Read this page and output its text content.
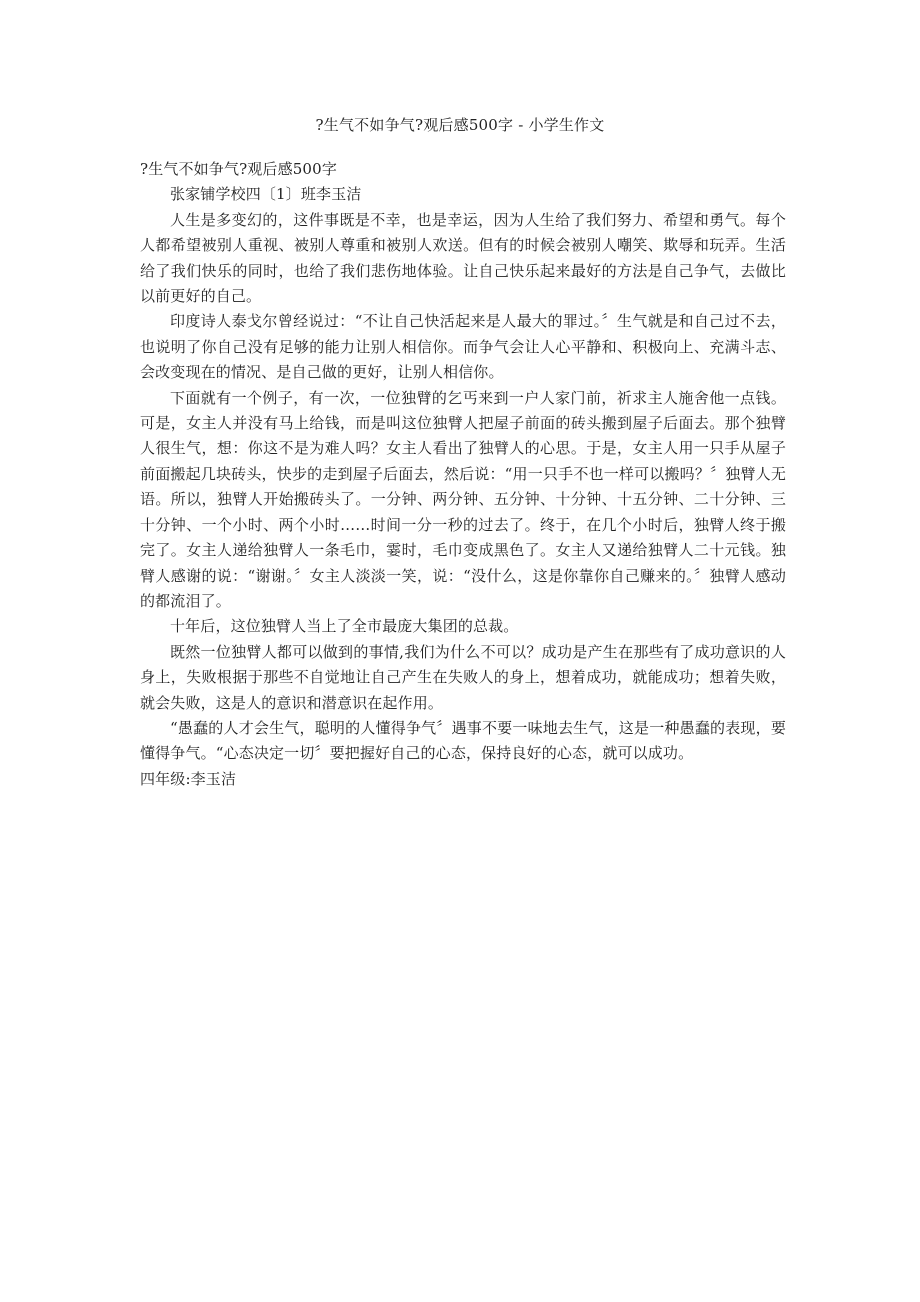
?生气不如争气?观后感500字 - 小学生作文

?生气不如争气?观后感500字

张家铺学校四〔1〕班李玉洁

人生是多变幻的，这件事既是不幸，也是幸运，因为人生给了我们努力、希望和勇气。每个人都希望被别人重视、被别人尊重和被别人欢送。但有的时候会被别人嘲笑、欺辱和玩弄。生活给了我们快乐的同时，也给了我们悲伤地体验。让自己快乐起来最好的方法是自己争气，去做比以前更好的自己。

印度诗人泰戈尔曾经说过：“不让自己快活起来是人最大的罪过。〞生气就是和自己过不去，也说明了你自己没有足够的能力让别人相信你。而争气会让人心平静和、积极向上、充满斗志、会改变现在的情况、是自己做的更好，让别人相信你。

下面就有一个例子，有一次，一位独臂的乞丐来到一户人家门前，祈求主人施舍他一点钱。可是，女主人并没有马上给钱，而是叫这位独臂人把屋子前面的砖头搬到屋子后面去。那个独臂人很生气，想：你这不是为难人吗？女主人看出了独臂人的心思。于是，女主人用一只手从屋子前面搬起几块砖头，快步的走到屋子后面去，然后说：“用一只手不也一样可以搬吗？〞独臂人无语。所以，独臂人开始搬砖头了。一分钟、两分钟、五分钟、十分钟、十五分钟、二十分钟、三十分钟、一个小时、两个小时……时间一分一秒的过去了。终于，在几个小时后，独臂人终于搬完了。女主人递给独臂人一条毛巾，霎时，毛巾变成黑色了。女主人又递给独臂人二十元钱。独臂人感谢的说：“谢谢。〞女主人淡淡一笑，说：“没什么，这是你靠你自己赚来的。〞独臂人感动的都流泪了。

十年后，这位独臂人当上了全市最庞大集团的总裁。

既然一位独臂人都可以做到的事情,我们为什么不可以？成功是产生在那些有了成功意识的人身上，失败根据于那些不自觉地让自己产生在失败人的身上，想着成功，就能成功；想着失败，就会失败，这是人的意识和潜意识在起作用。

“愚蠢的人才会生气，聪明的人懂得争气〞遇事不要一味地去生气，这是一种愚蠢的表现，要懂得争气。“心态决定一切〞要把握好自己的心态，保持良好的心态，就可以成功。

四年级:李玉洁
